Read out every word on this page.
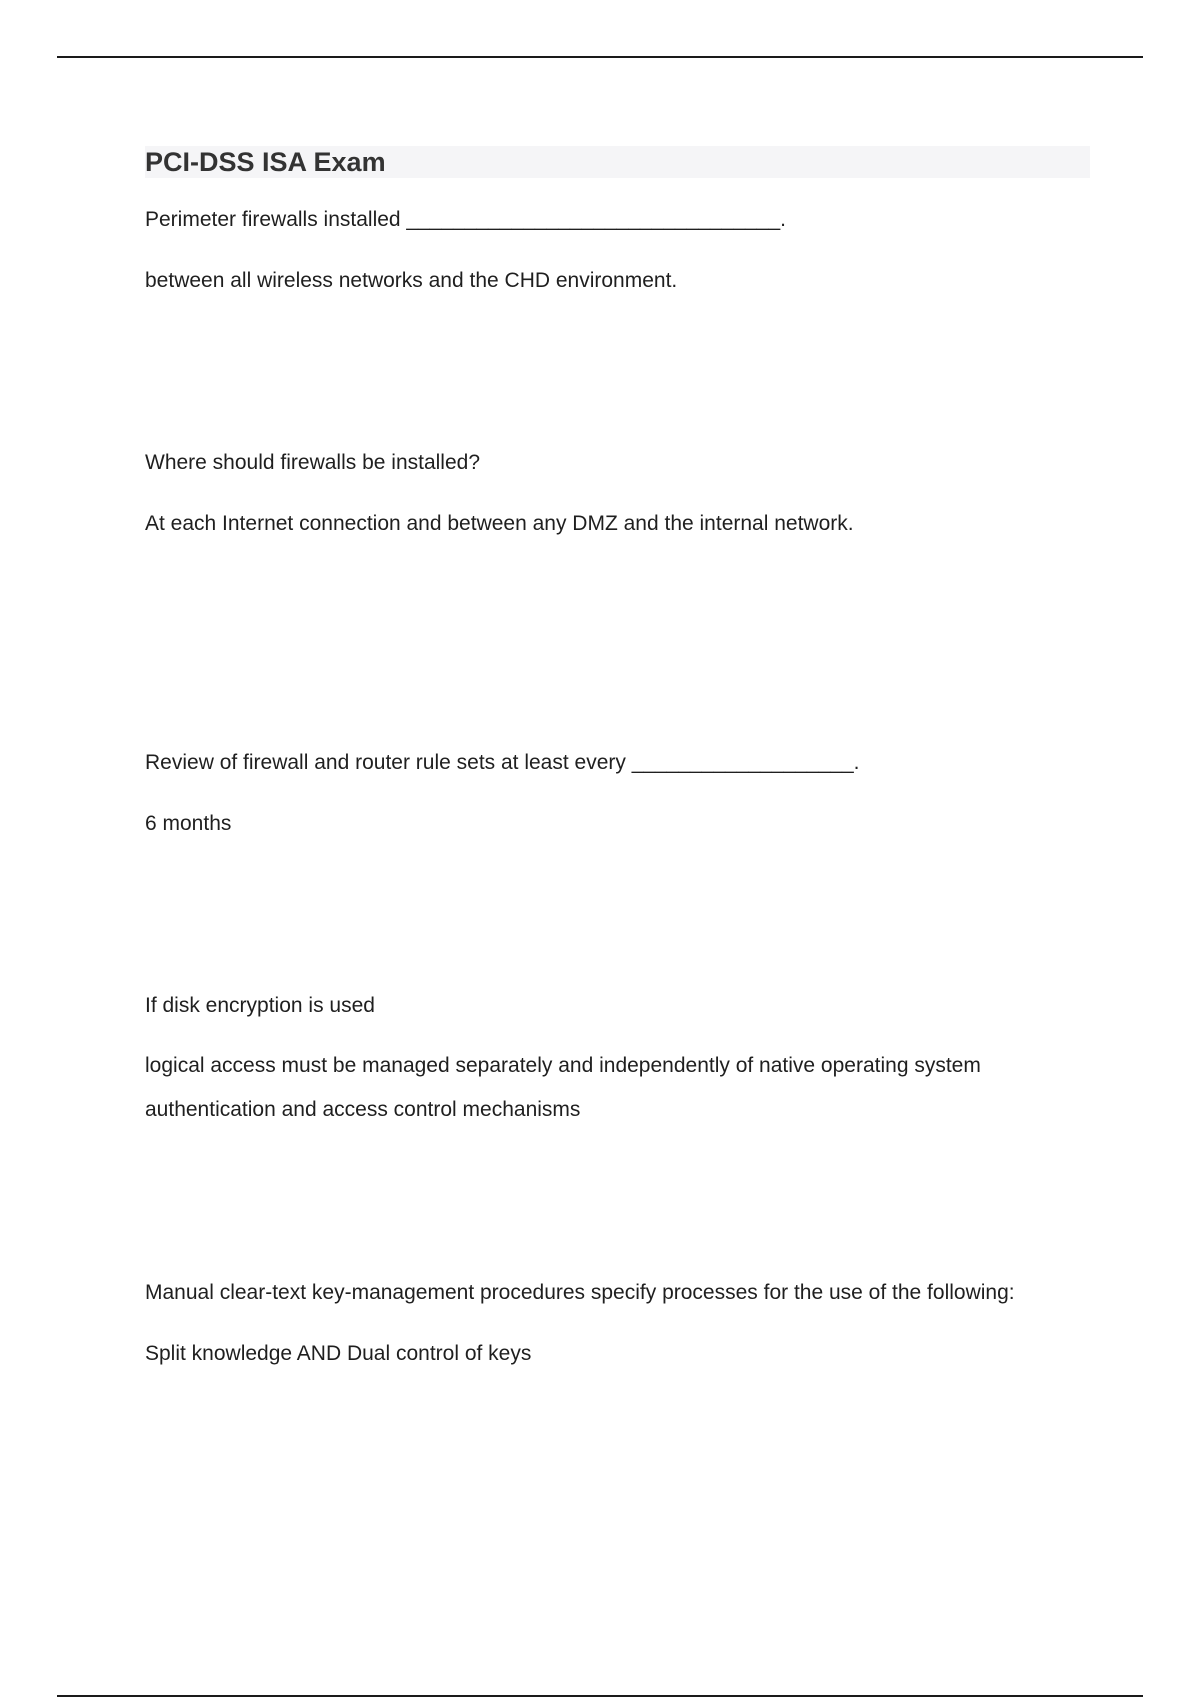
PCI-DSS ISA Exam
Perimeter firewalls installed ________________________________.
between all wireless networks and the CHD environment.
Where should firewalls be installed?
At each Internet connection and between any DMZ and the internal network.
Review of firewall and router rule sets at least every ___________________.
6 months
If disk encryption is used
logical access must be managed separately and independently of native operating system authentication and access control mechanisms
Manual clear-text key-management procedures specify processes for the use of the following:
Split knowledge AND Dual control of keys
